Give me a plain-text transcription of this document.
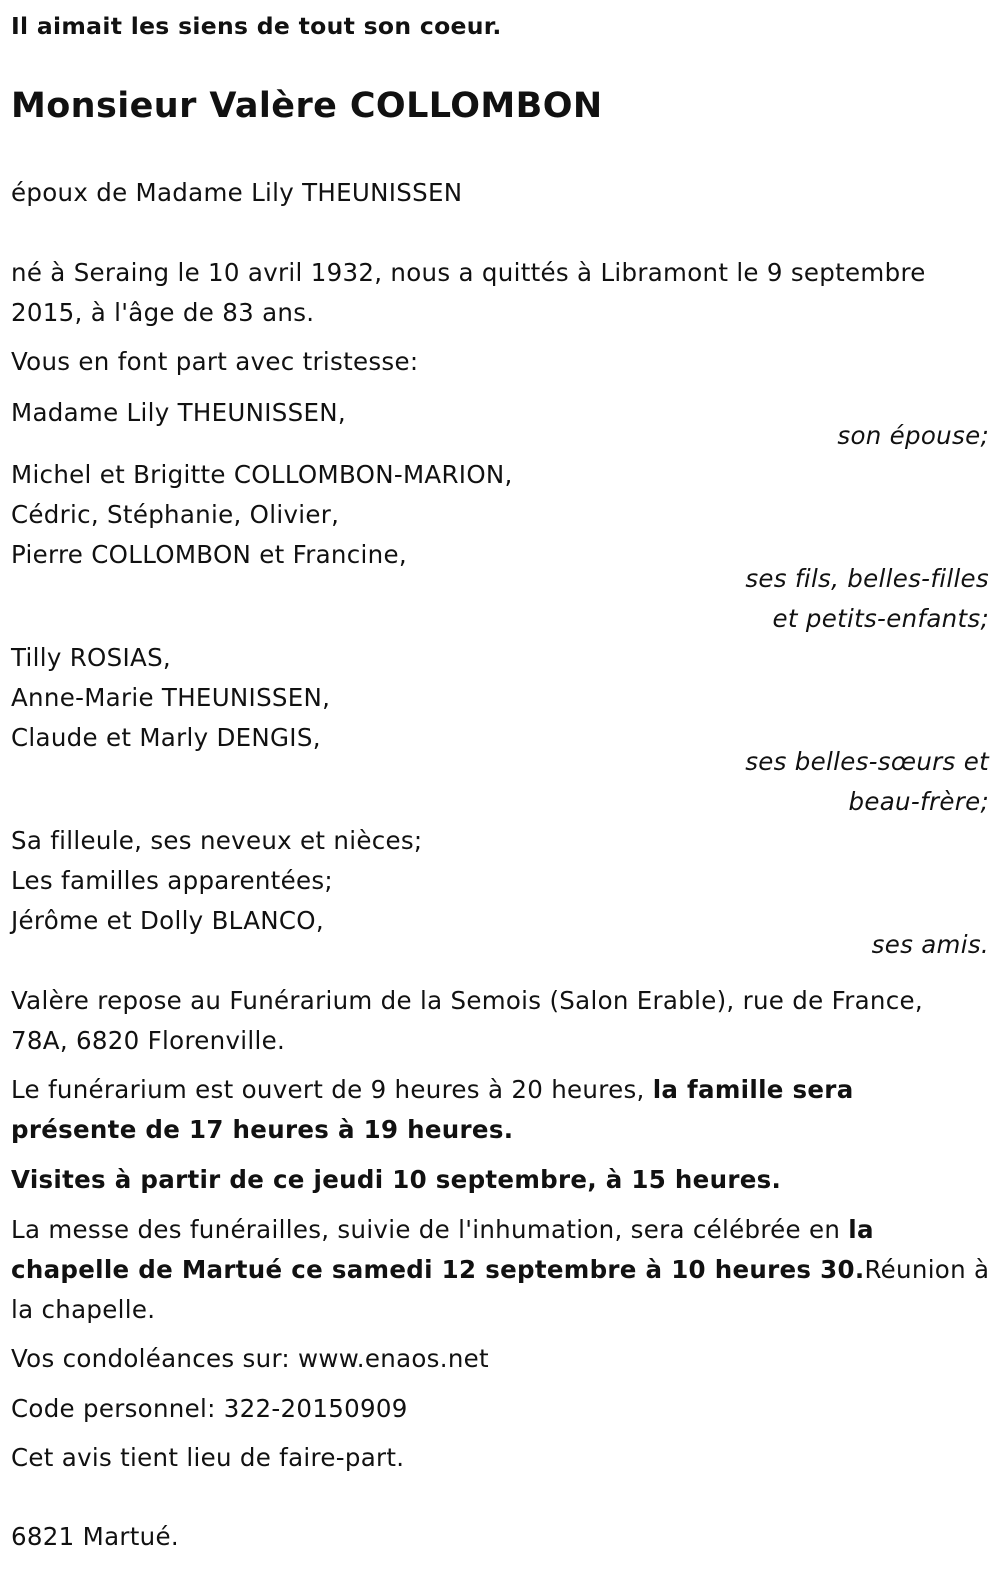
Il aimait les siens de tout son coeur.
Monsieur Valère COLLOMBON
époux de Madame Lily THEUNISSEN
né à Seraing le 10 avril 1932, nous a quittés à Libramont le 9 septembre
2015, à l'âge de 83 ans.
Vous en font part avec tristesse:
Madame Lily THEUNISSEN,
son épouse;
Michel et Brigitte COLLOMBON-MARION,
Cédric, Stéphanie, Olivier,
Pierre COLLOMBON et Francine,
ses fils, belles-filles
et petits-enfants;
Tilly ROSIAS,
Anne-Marie THEUNISSEN,
Claude et Marly DENGIS,
ses belles-sœurs et
beau-frère;
Sa filleule, ses neveux et nièces;
Les familles apparentées;
Jérôme et Dolly BLANCO,
ses amis.
Valère repose au Funérarium de la Semois (Salon Erable), rue de France,
78A, 6820 Florenville.
Le funérarium est ouvert de 9 heures à 20 heures, la famille sera
présente de 17 heures à 19 heures.
Visites à partir de ce jeudi 10 septembre, à 15 heures.
La messe des funérailles, suivie de l'inhumation, sera célébrée en la
chapelle de Martué ce samedi 12 septembre à 10 heures 30.Réunion à
la chapelle.
Vos condoléances sur: www.enaos.net
Code personnel: 322-20150909
Cet avis tient lieu de faire-part.
6821 Martué.
